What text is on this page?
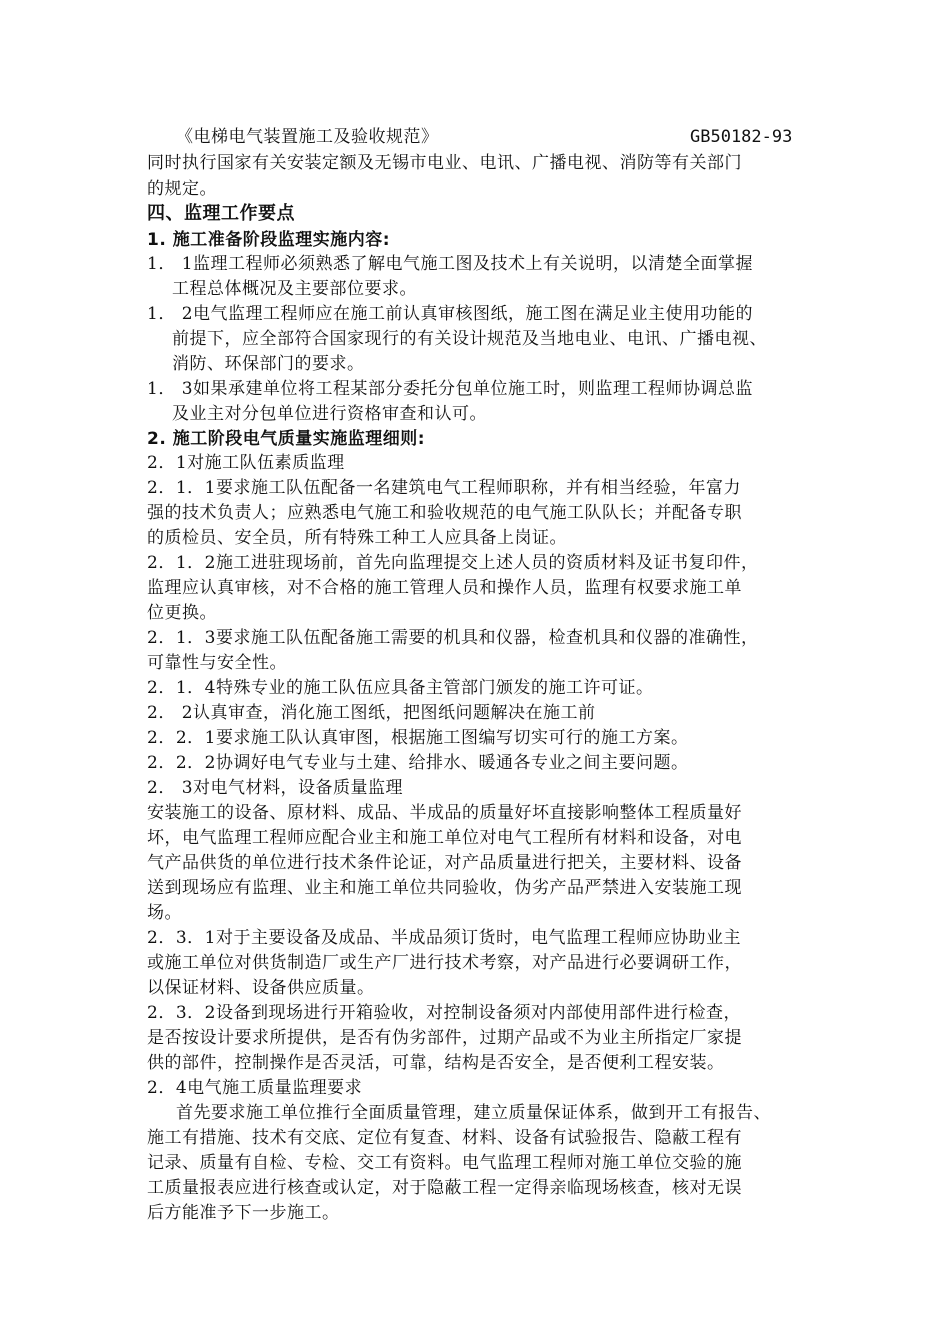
《电梯电气装置施工及验收规范》	GB50182-93
同时执行国家有关安装定额及无锡市电业、电讯、广播电视、消防等有关部门
的规定。
四、监理工作要点
1. 施工准备阶段监理实施内容:
1． 1监理工程师必须熟悉了解电气施工图及技术上有关说明，以清楚全面掌握
工程总体概况及主要部位要求。
1． 2电气监理工程师应在施工前认真审核图纸，施工图在满足业主使用功能的
前提下，应全部符合国家现行的有关设计规范及当地电业、电讯、广播电视、
消防、环保部门的要求。
1． 3如果承建单位将工程某部分委托分包单位施工时，则监理工程师协调总监
及业主对分包单位进行资格审查和认可。
2. 施工阶段电气质量实施监理细则:
2．1对施工队伍素质监理
2．1．1要求施工队伍配备一名建筑电气工程师职称，并有相当经验，年富力
强的技术负责人；应熟悉电气施工和验收规范的电气施工队队长；并配备专职
的质检员、安全员，所有特殊工种工人应具备上岗证。
2．1．2施工进驻现场前，首先向监理提交上述人员的资质材料及证书复印件，
监理应认真审核，对不合格的施工管理人员和操作人员，监理有权要求施工单
位更换。
2．1．3要求施工队伍配备施工需要的机具和仪器，检查机具和仪器的准确性，
可靠性与安全性。
2．1．4特殊专业的施工队伍应具备主管部门颁发的施工许可证。
2． 2认真审查，消化施工图纸，把图纸问题解决在施工前
2．2．1要求施工队认真审图，根据施工图编写切实可行的施工方案。
2．2．2协调好电气专业与土建、给排水、暖通各专业之间主要问题。
2． 3对电气材料，设备质量监理
安装施工的设备、原材料、成品、半成品的质量好坏直接影响整体工程质量好
坏，电气监理工程师应配合业主和施工单位对电气工程所有材料和设备，对电
气产品供货的单位进行技术条件论证，对产品质量进行把关，主要材料、设备
送到现场应有监理、业主和施工单位共同验收，伪劣产品严禁进入安装施工现
场。
2．3．1对于主要设备及成品、半成品须订货时，电气监理工程师应协助业主
或施工单位对供货制造厂或生产厂进行技术考察，对产品进行必要调研工作，
以保证材料、设备供应质量。
2．3．2设备到现场进行开箱验收，对控制设备须对内部使用部件进行检查，
是否按设计要求所提供，是否有伪劣部件，过期产品或不为业主所指定厂家提
供的部件，控制操作是否灵活，可靠，结构是否安全，是否便利工程安装。
2．4电气施工质量监理要求
首先要求施工单位推行全面质量管理，建立质量保证体系，做到开工有报告、
施工有措施、技术有交底、定位有复查、材料、设备有试验报告、隐蔽工程有
记录、质量有自检、专检、交工有资料。电气监理工程师对施工单位交验的施
工质量报表应进行核查或认定，对于隐蔽工程一定得亲临现场核查，核对无误
后方能准予下一步施工。
